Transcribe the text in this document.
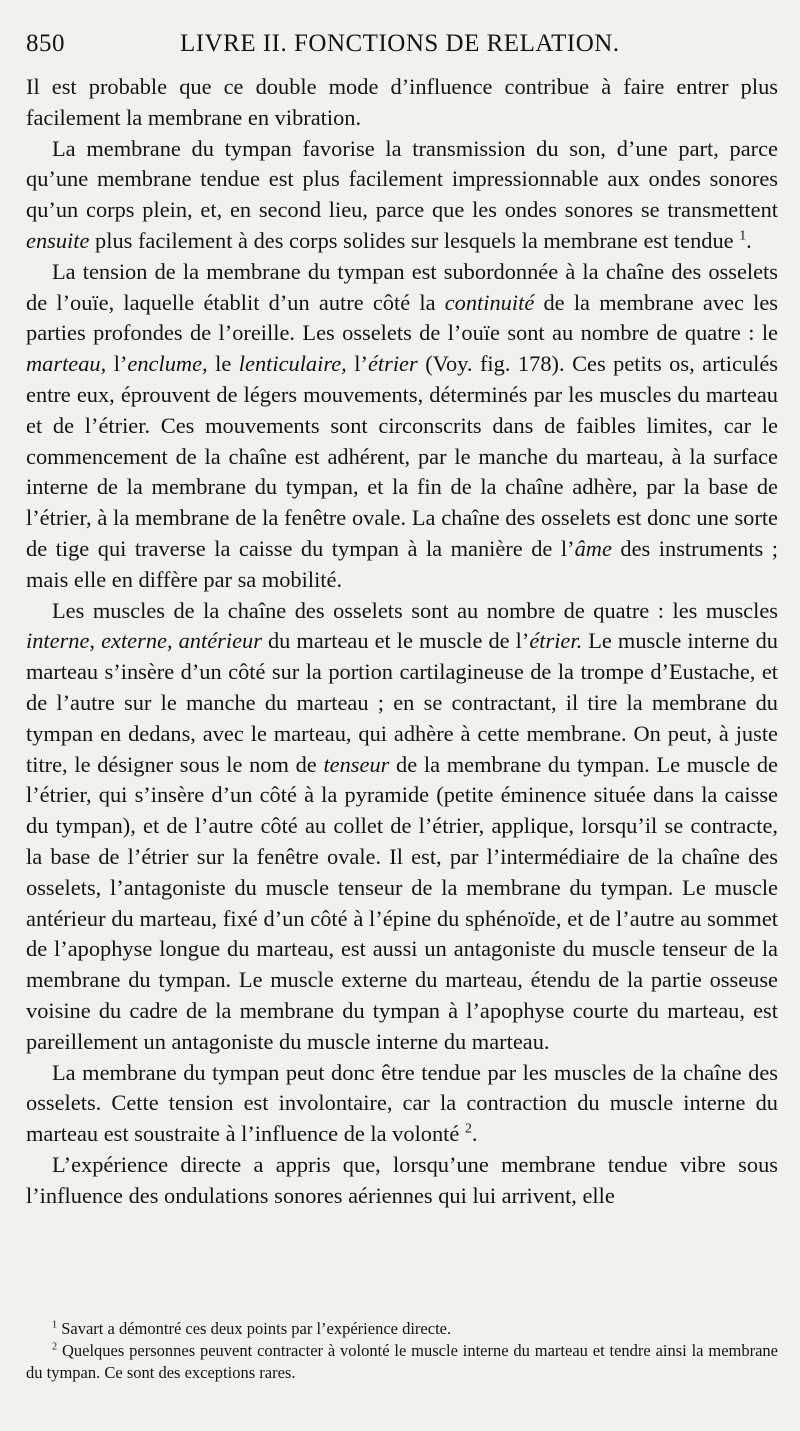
850	LIVRE II. FONCTIONS DE RELATION.

Il est probable que ce double mode d’influence contribue à faire entrer plus facilement la membrane en vibration.

La membrane du tympan favorise la transmission du son, d’une part, parce qu’une membrane tendue est plus facilement impressionnable aux ondes sonores qu’un corps plein, et, en second lieu, parce que les ondes sonores se transmettent ensuite plus facilement à des corps solides sur lesquels la membrane est tendue $^1$.

La tension de la membrane du tympan est subordonnée à la chaîne des osselets de l’ouïe, laquelle établit d’un autre côté la continuité de la membrane avec les parties profondes de l’oreille. Les osselets de l’ouïe sont au nombre de quatre : le marteau, l’enclume, le lenticulaire, l’étrier (Voy. fig. 178). Ces petits os, articulés entre eux, éprouvent de légers mouvements, déterminés par les muscles du marteau et de l’étrier. Ces mouvements sont circonscrits dans de faibles limites, car le commencement de la chaîne est adhérent, par le manche du marteau, à la surface interne de la membrane du tympan, et la fin de la chaîne adhère, par la base de l’étrier, à la membrane de la fenêtre ovale. La chaîne des osselets est donc une sorte de tige qui traverse la caisse du tympan à la manière de l’âme des instruments ; mais elle en diffère par sa mobilité.

Les muscles de la chaîne des osselets sont au nombre de quatre : les muscles interne, externe, antérieur du marteau et le muscle de l’étrier. Le muscle interne du marteau s’insère d’un côté sur la portion cartilagineuse de la trompe d’Eustache, et de l’autre sur le manche du marteau ; en se contractant, il tire la membrane du tympan en dedans, avec le marteau, qui adhère à cette membrane. On peut, à juste titre, le désigner sous le nom de tenseur de la membrane du tympan. Le muscle de l’étrier, qui s’insère d’un côté à la pyramide (petite éminence située dans la caisse du tympan), et de l’autre côté au collet de l’étrier, applique, lorsqu’il se contracte, la base de l’étrier sur la fenêtre ovale. Il est, par l’intermédiaire de la chaîne des osselets, l’antagoniste du muscle tenseur de la membrane du tympan. Le muscle antérieur du marteau, fixé d’un côté à l’épine du sphénoïde, et de l’autre au sommet de l’apophyse longue du marteau, est aussi un antagoniste du muscle tenseur de la membrane du tympan. Le muscle externe du marteau, étendu de la partie osseuse voisine du cadre de la membrane du tympan à l’apophyse courte du marteau, est pareillement un antagoniste du muscle interne du marteau.

La membrane du tympan peut donc être tendue par les muscles de la chaîne des osselets. Cette tension est involontaire, car la contraction du muscle interne du marteau est soustraite à l’influence de la volonté $^2$.

L’expérience directe a appris que, lorsqu’une membrane tendue vibre sous l’influence des ondulations sonores aériennes qui lui arrivent, elle

$^1$ Savart a démontré ces deux points par l’expérience directe.

$^2$ Quelques personnes peuvent contracter à volonté le muscle interne du marteau et tendre ainsi la membrane du tympan. Ce sont des exceptions rares.
